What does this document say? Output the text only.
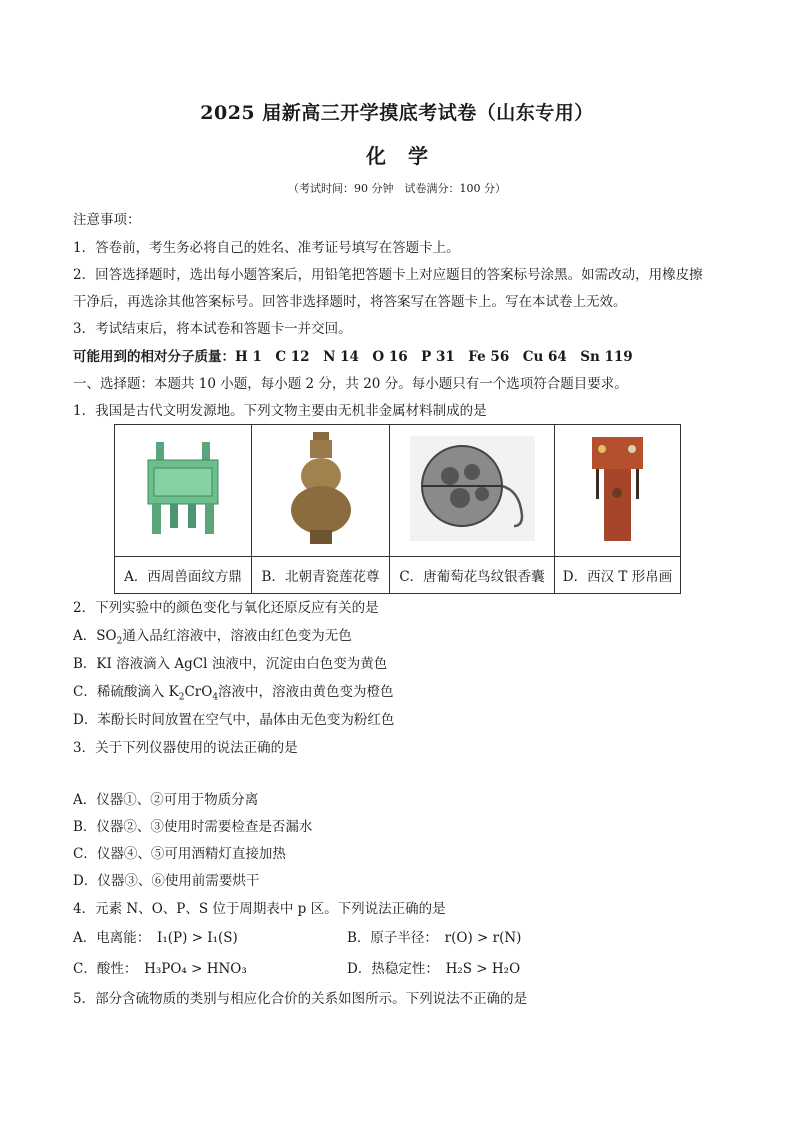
2025 届新高三开学摸底考试卷（山东专用）
化学
（考试时间：90 分钟　试卷满分：100 分）
注意事项：
1．答卷前，考生务必将自己的姓名、准考证号填写在答题卡上。
2．回答选择题时，选出每小题答案后，用铅笔把答题卡上对应题目的答案标号涂黑。如需改动，用橡皮擦
干净后，再选涂其他答案标号。回答非选择题时，将答案写在答题卡上。写在本试卷上无效。
3．考试结束后，将本试卷和答题卡一并交回。
可能用到的相对分子质量：H 1　C 12　N 14　O 16　P 31　Fe 56　Cu 64　Sn 119
一、选择题：本题共 10 小题，每小题 2 分，共 20 分。每小题只有一个选项符合题目要求。
1．我国是古代文明发源地。下列文物主要由无机非金属材料制成的是

A．西周兽面纹方鼎	B．北朝青瓷莲花尊	C．唐葡萄花鸟纹银香囊	D．西汉 T 形帛画
2．下列实验中的颜色变化与氧化还原反应有关的是
A．$SO_2$通入品红溶液中，溶液由红色变为无色
B．KI 溶液滴入 AgCl 浊液中，沉淀由白色变为黄色
C．稀硫酸滴入 $K_2CrO_4$溶液中，溶液由黄色变为橙色
D．苯酚长时间放置在空气中，晶体由无色变为粉红色
3．关于下列仪器使用的说法正确的是
A．仪器①、②可用于物质分离
B．仪器②、③使用时需要检查是否漏水
C．仪器④、⑤可用酒精灯直接加热
D．仪器③、⑥使用前需要烘干
4．元素 N、O、P、S 位于周期表中 p 区。下列说法正确的是
A．电离能：　I₁(P) > I₁(S)	B．原子半径：　r(O) > r(N)
C．酸性：　H₃PO₄ > HNO₃	D．热稳定性：　H₂S > H₂O
5．部分含硫物质的类别与相应化合价的关系如图所示。下列说法不正确的是
